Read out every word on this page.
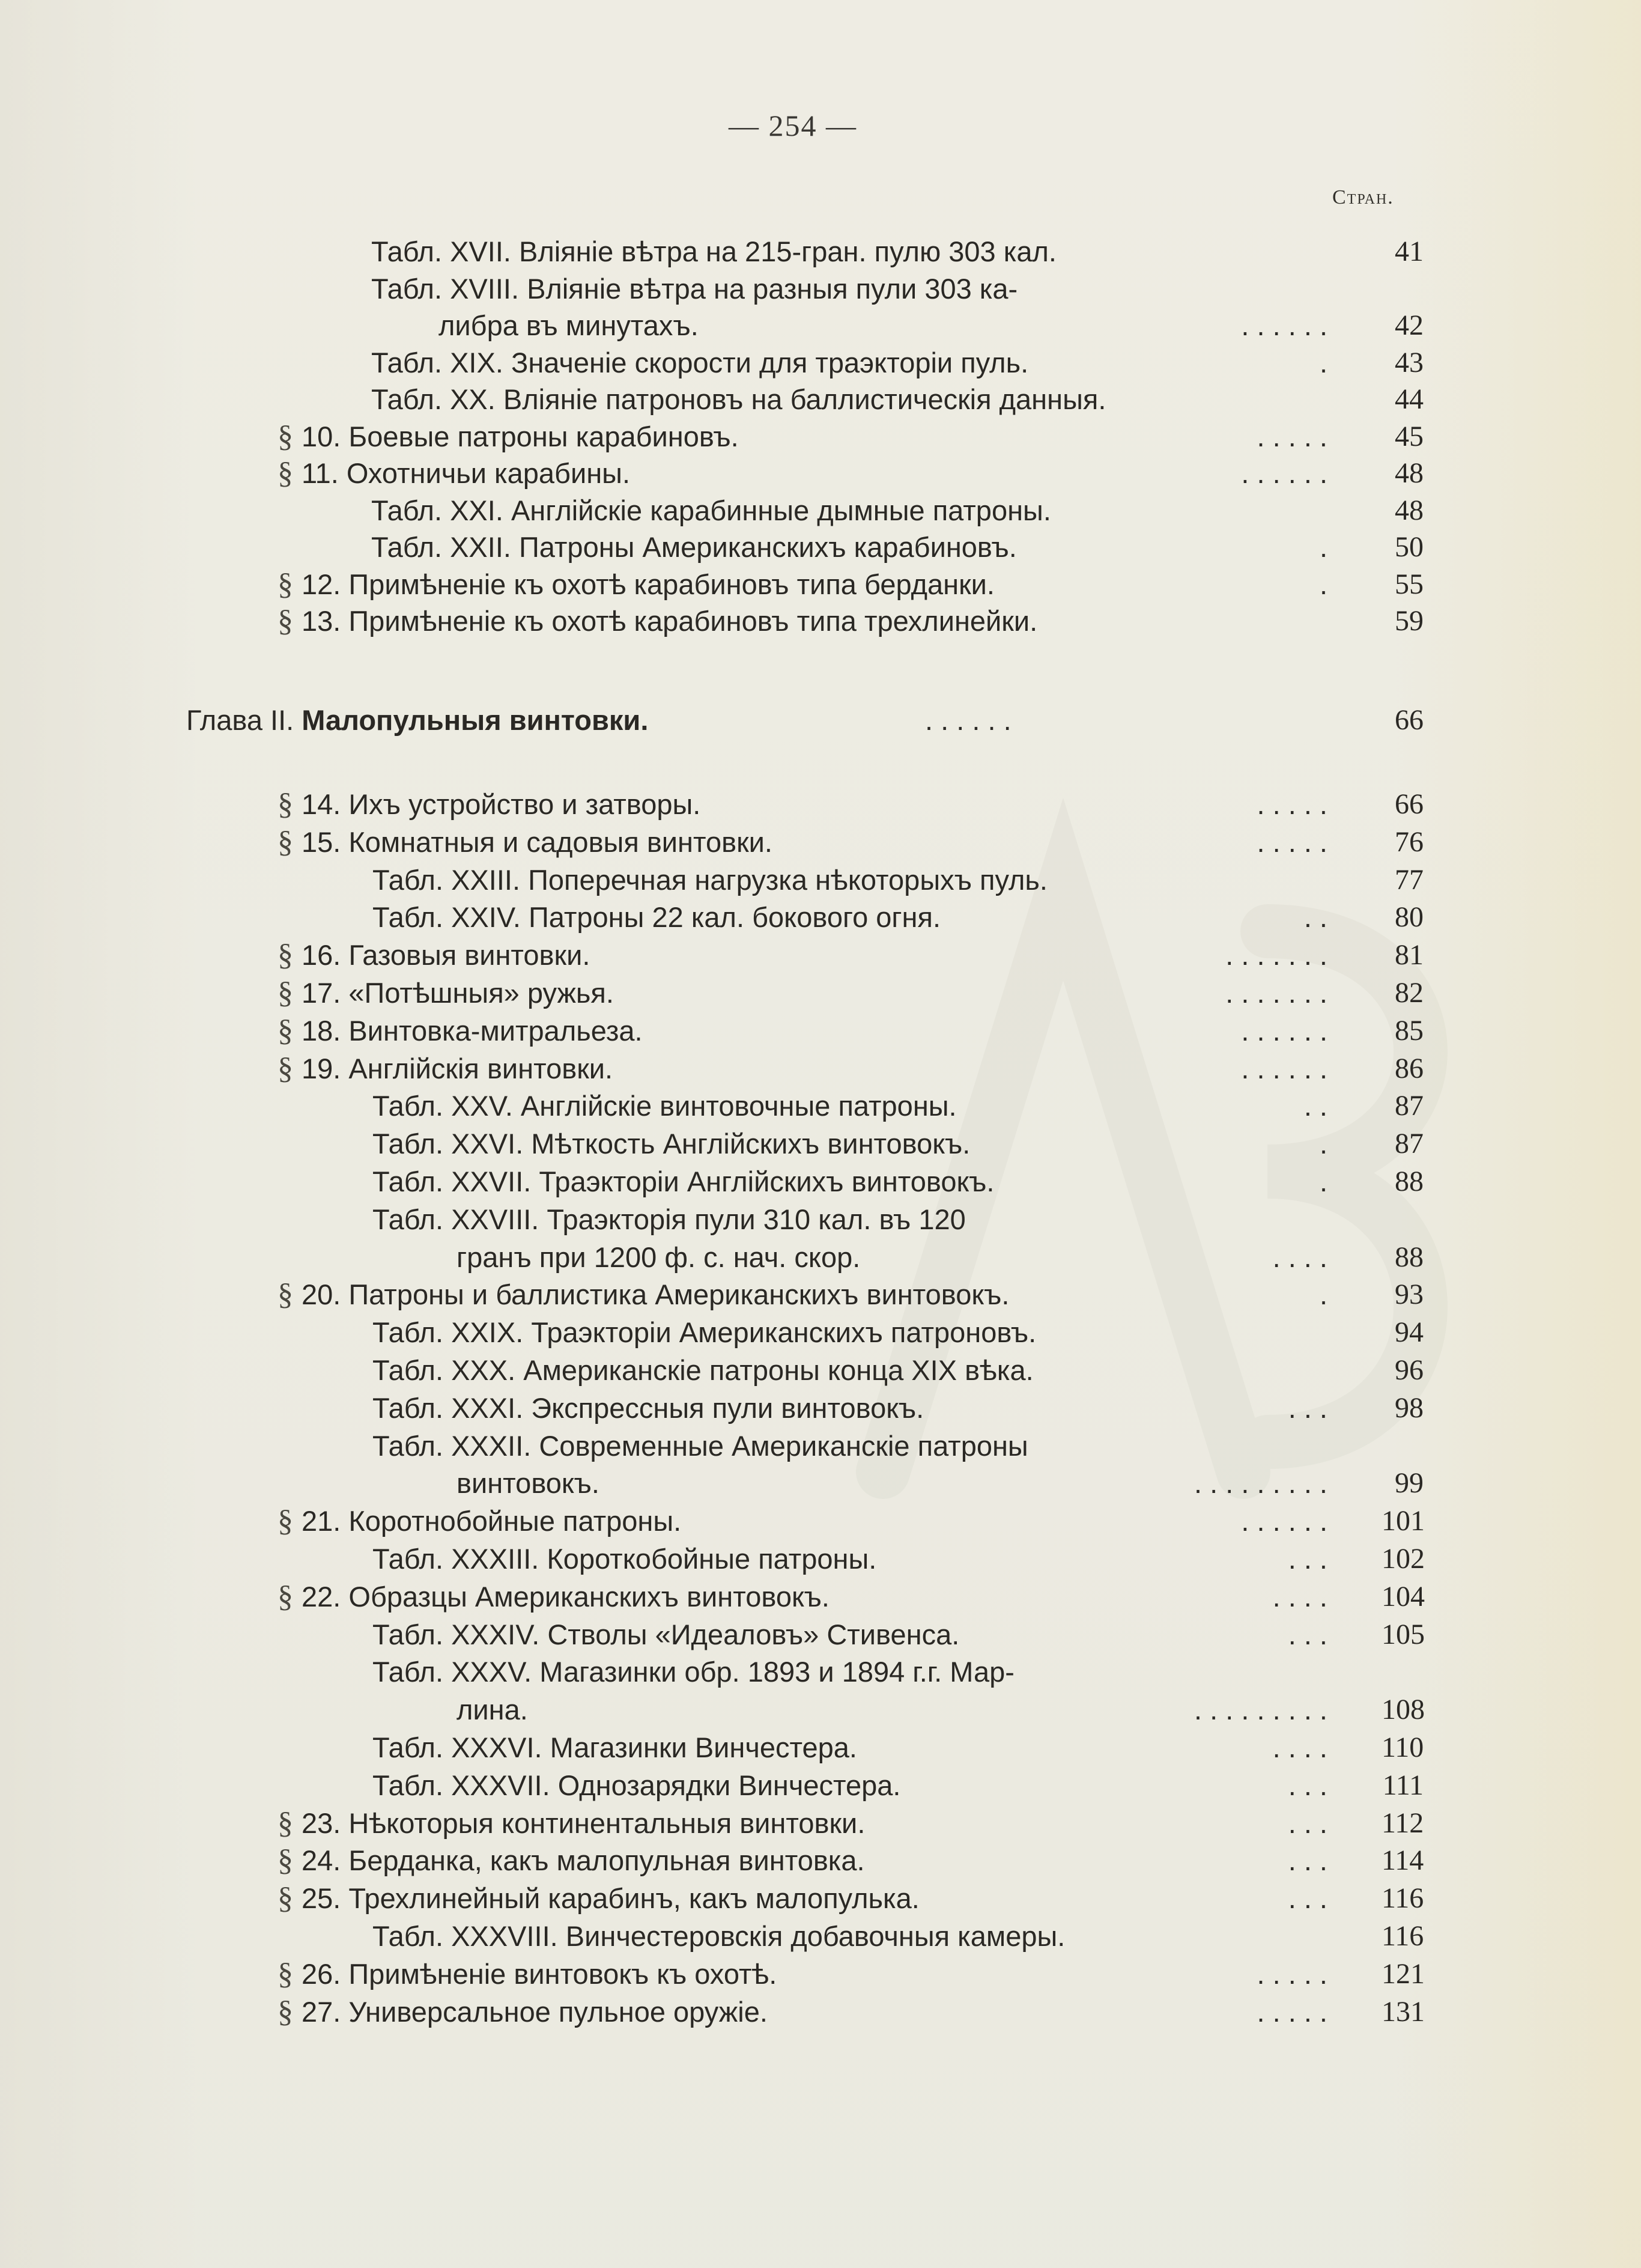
— 254 —
Стран.
Табл. XVII. Вліяніе вѣтра на 215-гран. пулю 303 кал.	41
Табл. XVIII. Вліяніе вѣтра на разныя пули 303 ка-
либра въ минутахъ.	. . . . . .	42
Табл. XIX. Значеніе скорости для траэкторіи пуль.	.	43
Табл. XX. Вліяніе патроновъ на баллистическія данныя.	44
§ 10. Боевые патроны карабиновъ.	. . . . .	45
§ 11. Охотничьи карабины.	. . . . . .	48
Табл. XXI. Англійскіе карабинные дымные патроны.	48
Табл. XXII. Патроны Американскихъ карабиновъ.	.	50
§ 12. Примѣненіе къ охотѣ карабиновъ типа берданки.	.	55
§ 13. Примѣненіе къ охотѣ карабиновъ типа трехлинейки.	59
Глава II. Малопульныя винтовки.	. . . . . .	66
§ 14. Ихъ устройство и затворы.	. . . . .	66
§ 15. Комнатныя и садовыя винтовки.	. . . . .	76
Табл. XXIII. Поперечная нагрузка нѣкоторыхъ пуль.	77
Табл. XXIV. Патроны 22 кал. бокового огня.	. .	80
§ 16. Газовыя винтовки.	. . . . . . .	81
§ 17. «Потѣшныя» ружья.	. . . . . . .	82
§ 18. Винтовка-митральеза.	. . . . . .	85
§ 19. Англійскія винтовки.	. . . . . .	86
Табл. XXV. Англійскіе винтовочные патроны.	. .	87
Табл. XXVI. Мѣткость Англійскихъ винтовокъ.	.	87
Табл. XXVII. Траэкторіи Англійскихъ винтовокъ.	.	88
Табл. XXVIII. Траэкторія пули 310 кал. въ 120
гранъ при 1200 ф. с. нач. скор.	. . . .	88
§ 20. Патроны и баллистика Американскихъ винтовокъ.	.	93
Табл. XXIX. Траэкторіи Американскихъ патроновъ.	94
Табл. XXX. Американскіе патроны конца XIX вѣка.	96
Табл. XXXI. Экспрессныя пули винтовокъ.	. . .	98
Табл. XXXII. Современные Американскіе патроны
винтовокъ.	. . . . . . . . .	99
§ 21. Коротнобойные патроны.	. . . . . . 101
Табл. XXXIII. Короткобойные патроны.	. . . 102
§ 22. Образцы Американскихъ винтовокъ.	. . . . 104
Табл. XXXIV. Стволы «Идеаловъ» Стивенса.	. . . 105
Табл. XXXV. Магазинки обр. 1893 и 1894 г.г. Мар-
лина.	. . . . . . . . . 108
Табл. XXXVI. Магазинки Винчестера.	. . . . 110
Табл. XXXVII. Однозарядки Винчестера.	. . . 111
§ 23. Нѣкоторыя континентальныя винтовки.	. . . 112
§ 24. Берданка, какъ малопульная винтовка.	. . . 114
§ 25. Трехлинейный карабинъ, какъ малопулька.	. . . 116
Табл. XXXVIII. Винчестеровскія добавочныя камеры.	116
§ 26. Примѣненіе винтовокъ къ охотѣ.	. . . . . 121
§ 27. Универсальное пульное оружіе.	. . . . . 131
